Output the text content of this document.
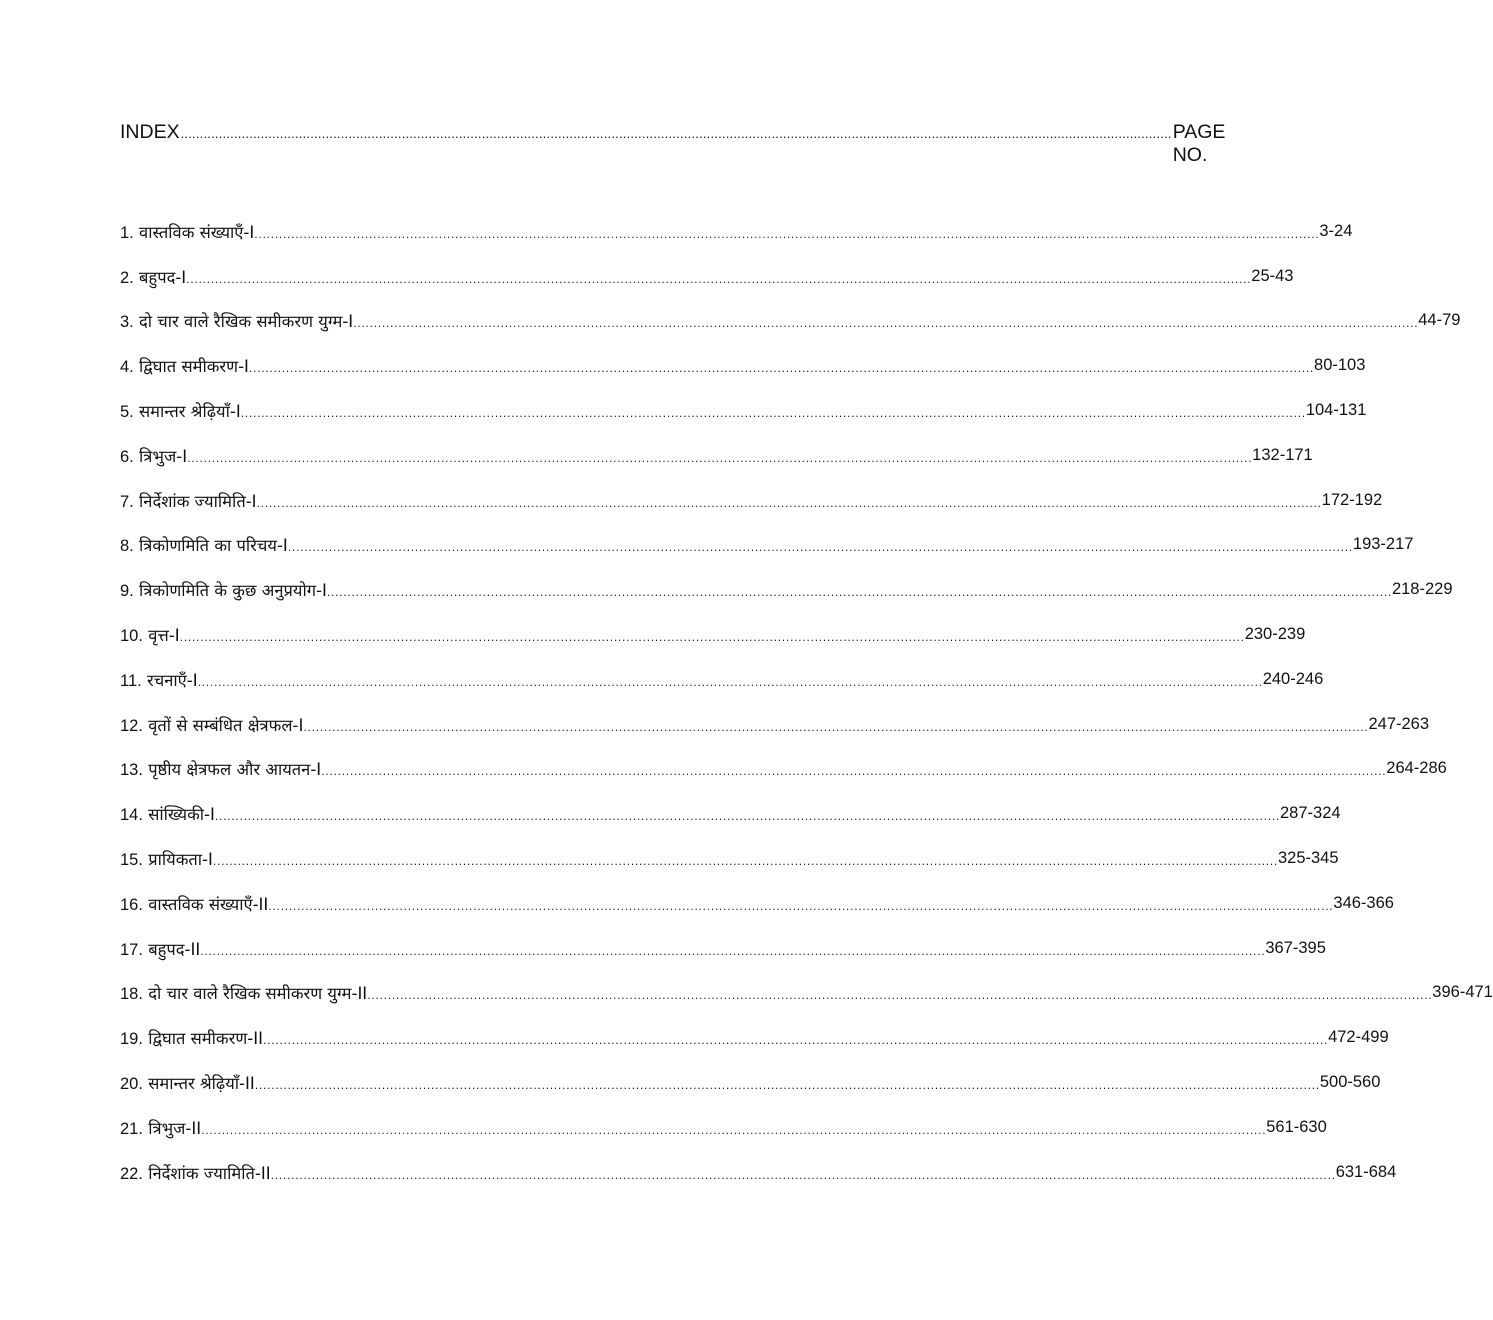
INDEX .................................................................................................................................................................................................................................................................... PAGE NO.
1. वास्तविक संख्याएँ-I .................................................................................................................................................................................................................................................................... 3-24
2. बहुपद-I .................................................................................................................................................................................................................................................................... 25-43
3. दो चार वाले रैखिक समीकरण युग्म-I .................................................................................................................................................................................................................................................................... 44-79
4. द्विघात समीकरण-I .................................................................................................................................................................................................................................................................... 80-103
5. समान्तर श्रेढ़ियाँ-I .................................................................................................................................................................................................................................................................... 104-131
6. त्रिभुज-I .................................................................................................................................................................................................................................................................... 132-171
7. निर्देशांक ज्यामिति-I .................................................................................................................................................................................................................................................................... 172-192
8. त्रिकोणमिति का परिचय-I .................................................................................................................................................................................................................................................................... 193-217
9. त्रिकोणमिति के कुछ अनुप्रयोग-I .................................................................................................................................................................................................................................................................... 218-229
10. वृत्त-I .................................................................................................................................................................................................................................................................... 230-239
11. रचनाएँ-I .................................................................................................................................................................................................................................................................... 240-246
12. वृतों से सम्बंधित क्षेत्रफल-I .................................................................................................................................................................................................................................................................... 247-263
13. पृष्ठीय क्षेत्रफल और आयतन-I .................................................................................................................................................................................................................................................................... 264-286
14. सांख्यिकी-I .................................................................................................................................................................................................................................................................... 287-324
15. प्रायिकता-I .................................................................................................................................................................................................................................................................... 325-345
16. वास्तविक संख्याएँ-II .................................................................................................................................................................................................................................................................... 346-366
17. बहुपद-II .................................................................................................................................................................................................................................................................... 367-395
18. दो चार वाले रैखिक समीकरण युग्म-II .................................................................................................................................................................................................................................................................... 396-471
19. द्विघात समीकरण-II .................................................................................................................................................................................................................................................................... 472-499
20. समान्तर श्रेढ़ियाँ-II .................................................................................................................................................................................................................................................................... 500-560
21. त्रिभुज-II .................................................................................................................................................................................................................................................................... 561-630
22. निर्देशांक ज्यामिति-II .................................................................................................................................................................................................................................................................... 631-684
